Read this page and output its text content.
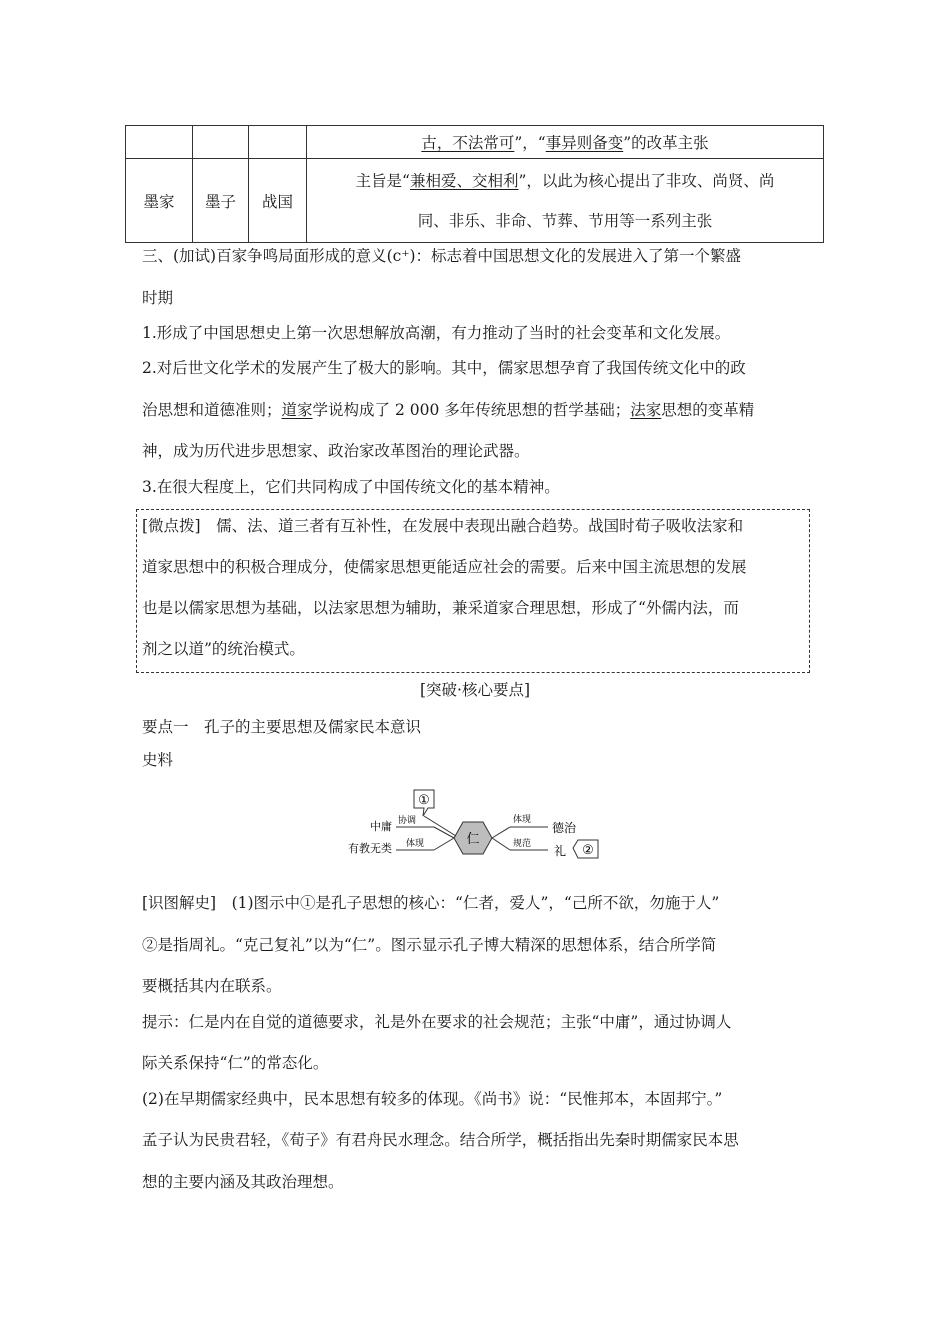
古，不法常可”，“事异则备变”的改革主张
墨家	墨子	战国
主旨是“兼相爱、交相利”，以此为核心提出了非攻、尚贤、尚
同、非乐、非命、节葬、节用等一系列主张
三、(加试)百家争鸣局面形成的意义(c⁺)：标志着中国思想文化的发展进入了第一个繁盛
时期
1.形成了中国思想史上第一次思想解放高潮，有力推动了当时的社会变革和文化发展。
2.对后世文化学术的发展产生了极大的影响。其中，儒家思想孕育了我国传统文化中的政
治思想和道德准则；道家学说构成了 2 000 多年传统思想的哲学基础；法家思想的变革精
神，成为历代进步思想家、政治家改革图治的理论武器。
3.在很大程度上，它们共同构成了中国传统文化的基本精神。
[微点拨]　儒、法、道三者有互补性，在发展中表现出融合趋势。战国时荀子吸收法家和
道家思想中的积极合理成分，使儒家思想更能适应社会的需要。后来中国主流思想的发展
也是以儒家思想为基础，以法家思想为辅助，兼采道家合理思想，形成了“外儒内法，而
剂之以道”的统治模式。
[突破·核心要点]
要点一　孔子的主要思想及儒家民本意识
史料
仁
①
中庸 协调
有教无类 体现
体现
德治
规范 礼 ②
[识图解史]　(1)图示中①是孔子思想的核心：“仁者，爱人”，“己所不欲，勿施于人”
②是指周礼。“克己复礼”以为“仁”。图示显示孔子博大精深的思想体系，结合所学简
要概括其内在联系。
提示：仁是内在自觉的道德要求，礼是外在要求的社会规范；主张“中庸”，通过协调人
际关系保持“仁”的常态化。
(2)在早期儒家经典中，民本思想有较多的体现。《尚书》说：“民惟邦本，本固邦宁。”
孟子认为民贵君轻，《荀子》有君舟民水理念。结合所学，概括指出先秦时期儒家民本思
想的主要内涵及其政治理想。
